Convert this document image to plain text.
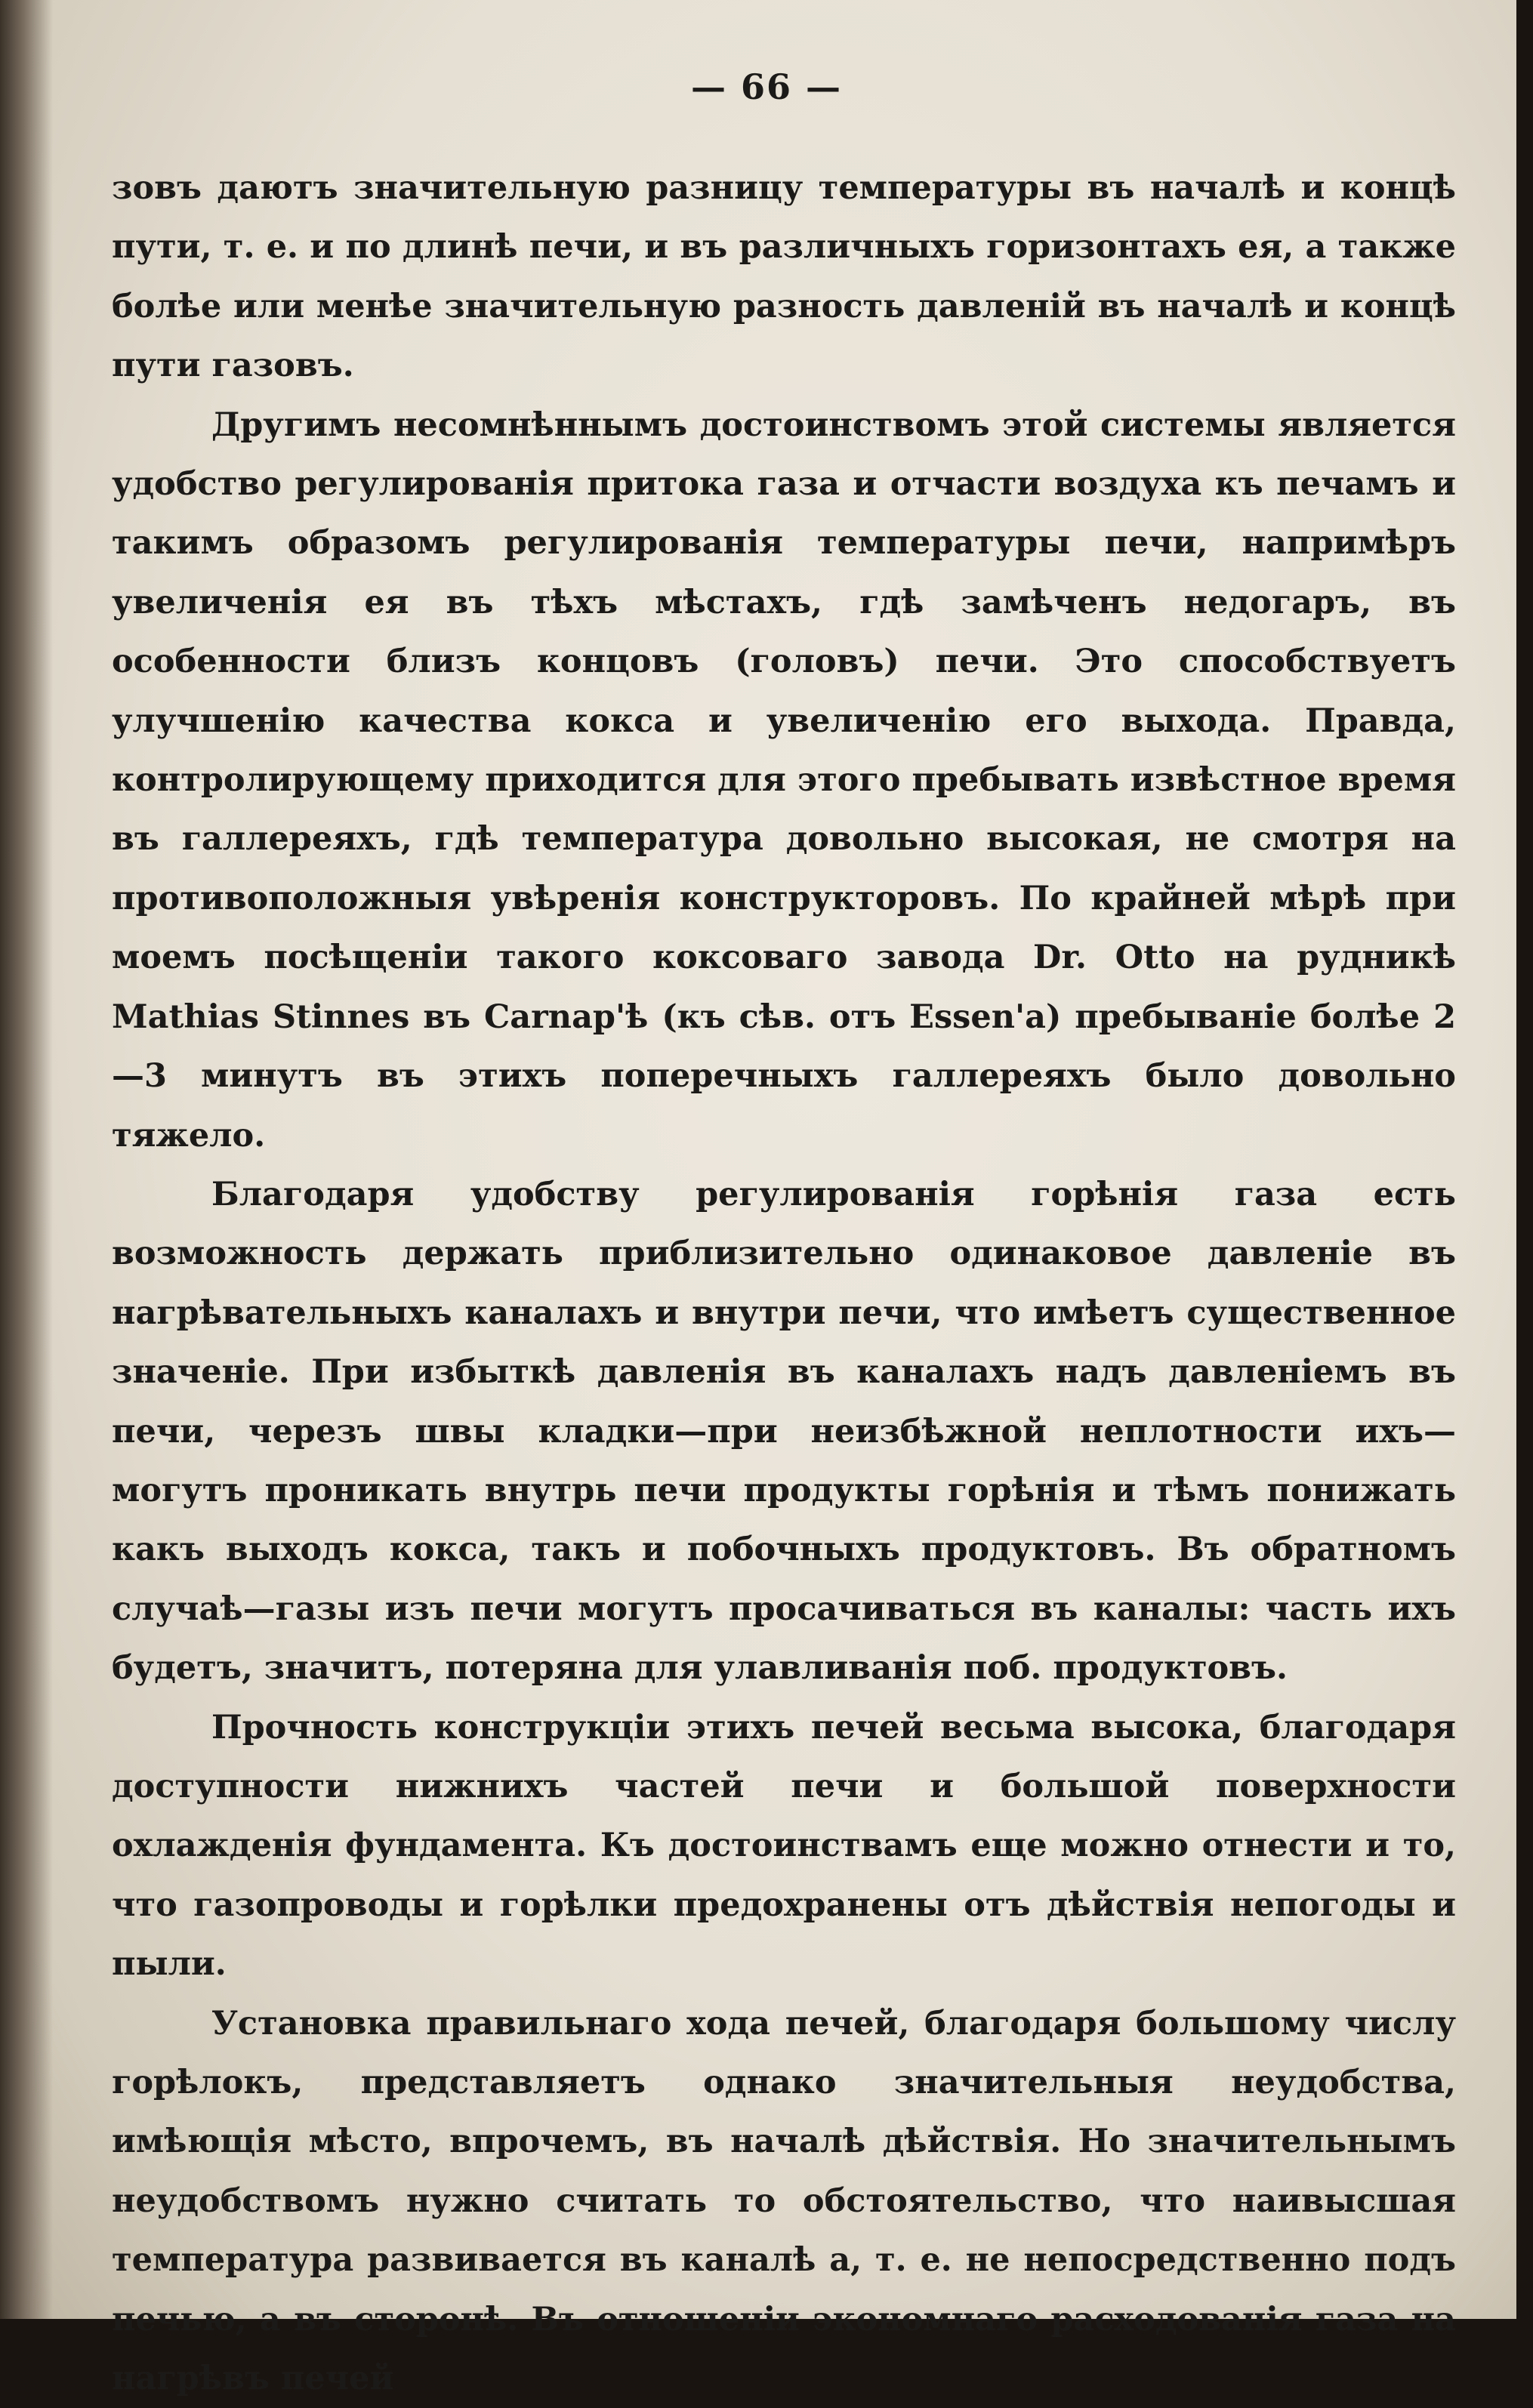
— 66 —

зовъ даютъ значительную разницу температуры въ началѣ и концѣ пути, т. е. и по длинѣ печи, и въ различныхъ горизонтахъ ея, а также болѣе или менѣе значительную разность давленій въ началѣ и концѣ пути газовъ.

Другимъ несомнѣннымъ достоинствомъ этой системы является удобство регулированія притока газа и отчасти воздуха къ печамъ и такимъ образомъ регулированія температуры печи, напримѣръ увеличенія ея въ тѣхъ мѣстахъ, гдѣ замѣченъ недогаръ, въ особенности близъ концовъ (головъ) печи. Это способствуетъ улучшенію качества кокса и увеличенію его выхода. Правда, контролирующему приходится для этого пребывать извѣстное время въ галлереяхъ, гдѣ температура довольно высокая, не смотря на противоположныя увѣренія конструкторовъ. По крайней мѣрѣ при моемъ посѣщеніи такого коксоваго завода Dr. Otto на рудникѣ Mathias Stinnes въ Carnap'ѣ (къ сѣв. отъ Essen'а) пребываніе болѣе 2—3 минутъ въ этихъ поперечныхъ галлереяхъ было довольно тяжело.

Благодаря удобству регулированія горѣнія газа есть возможность держать приблизительно одинаковое давленіе въ нагрѣвательныхъ каналахъ и внутри печи, что имѣетъ существенное значеніе. При избыткѣ давленія въ каналахъ надъ давленіемъ въ печи, черезъ швы кладки—при неизбѣжной неплотности ихъ—могутъ проникать внутрь печи продукты горѣнія и тѣмъ понижать какъ выходъ кокса, такъ и побочныхъ продуктовъ. Въ обратномъ случаѣ—газы изъ печи могутъ просачиваться въ каналы: часть ихъ будетъ, значитъ, потеряна для улавливанія поб. продуктовъ.

Прочность конструкціи этихъ печей весьма высока, благодаря доступности нижнихъ частей печи и большой поверхности охлажденія фундамента. Къ достоинствамъ еще можно отнести и то, что газопроводы и горѣлки предохранены отъ дѣйствія непогоды и пыли.

Установка правильнаго хода печей, благодаря большому числу горѣлокъ, представляетъ однако значительныя неудобства, имѣющія мѣсто, впрочемъ, въ началѣ дѣйствія. Но значительнымъ неудобствомъ нужно считать то обстоятельство, что наивысшая температура развивается въ каналѣ a, т. е. не непосредственно подъ печью, а въ сторонѣ. Въ отношеніи экономнаго расходованія газа на нагрѣвъ печей
